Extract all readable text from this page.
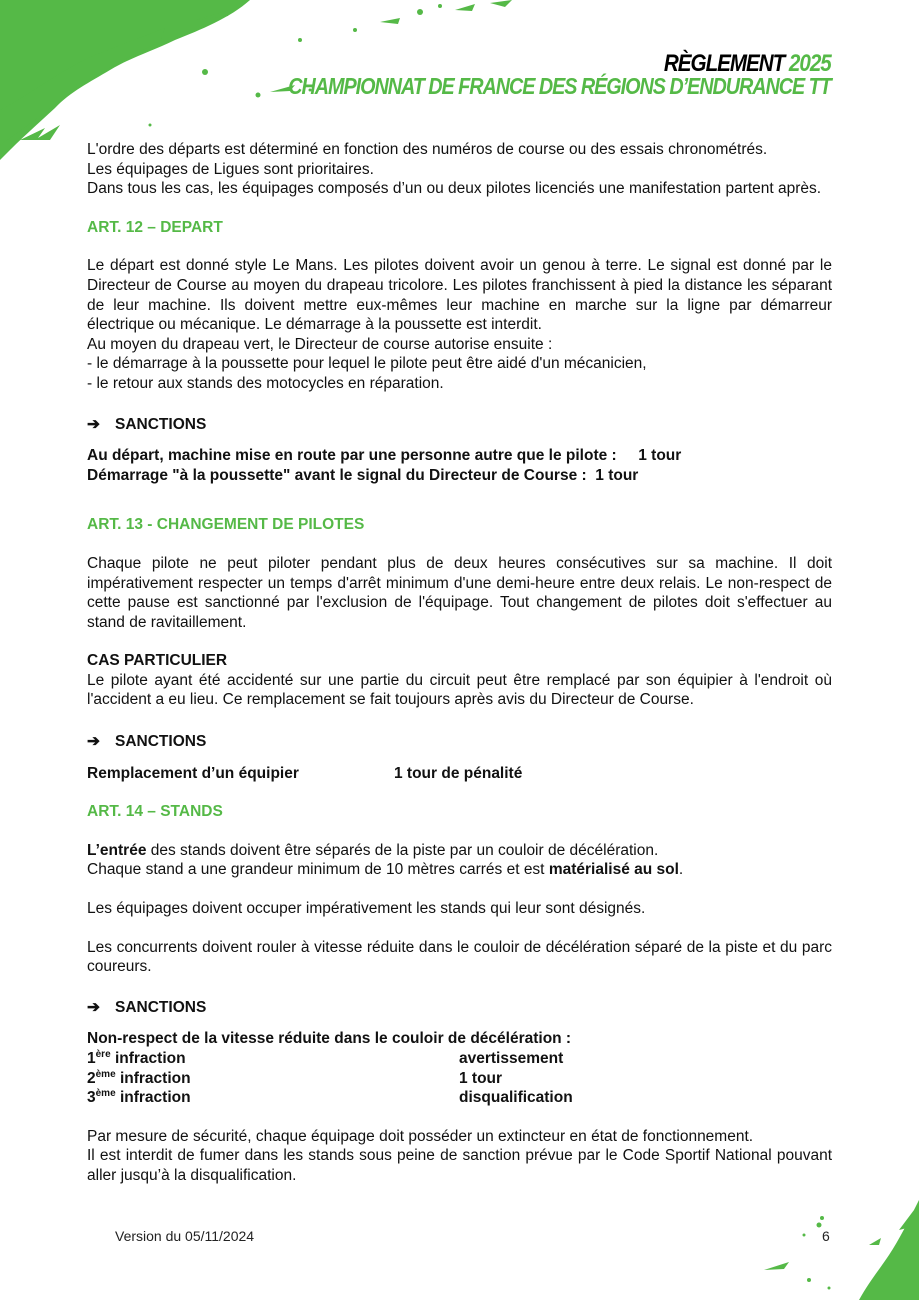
RÈGLEMENT 2025
CHAMPIONNAT DE FRANCE DES RÉGIONS D’ENDURANCE TT

L'ordre des départs est déterminé en fonction des numéros de course ou des essais chronométrés.

Les équipages de Ligues sont prioritaires.

Dans tous les cas, les équipages composés d’un ou deux pilotes licenciés une manifestation partent après.

ART. 12 – DEPART

Le départ est donné style Le Mans. Les pilotes doivent avoir un genou à terre. Le signal est donné par le Directeur de Course au moyen du drapeau tricolore. Les pilotes franchissent à pied la distance les séparant de leur machine. Ils doivent mettre eux-mêmes leur machine en marche sur la ligne par démarreur électrique ou mécanique. Le démarrage à la poussette est interdit.

Au moyen du drapeau vert, le Directeur de course autorise ensuite :

- le démarrage à la poussette pour lequel le pilote peut être aidé d'un mécanicien,

- le retour aux stands des motocycles en réparation.

➔ SANCTIONS

Au départ, machine mise en route par une personne autre que le pilote :     1 tour

Démarrage "à la poussette" avant le signal du Directeur de Course :  1 tour

ART. 13 - CHANGEMENT DE PILOTES

Chaque pilote ne peut piloter pendant plus de deux heures consécutives sur sa machine. Il doit impérativement respecter un temps d'arrêt minimum d'une demi-heure entre deux relais. Le non-respect de cette pause est sanctionné par l'exclusion de l'équipage. Tout changement de pilotes doit s'effectuer au stand de ravitaillement.

CAS PARTICULIER

Le pilote ayant été accidenté sur une partie du circuit peut être remplacé par son équipier à l'endroit où l'accident a eu lieu. Ce remplacement se fait toujours après avis du Directeur de Course.

➔ SANCTIONS

Remplacement d’un équipier	1 tour de pénalité

ART. 14 – STANDS

L’entrée des stands doivent être séparés de la piste par un couloir de décélération.

Chaque stand a une grandeur minimum de 10 mètres carrés et est matérialisé au sol.

Les équipages doivent occuper impérativement les stands qui leur sont désignés.

Les concurrents doivent rouler à vitesse réduite dans le couloir de décélération séparé de la piste et du parc coureurs.

➔ SANCTIONS

Non-respect de la vitesse réduite dans le couloir de décélération :

1ère infraction	avertissement
2ème infraction	1 tour
3ème infraction	disqualification

Par mesure de sécurité, chaque équipage doit posséder un extincteur en état de fonctionnement.

Il est interdit de fumer dans les stands sous peine de sanction prévue par le Code Sportif National pouvant aller jusqu’à la disqualification.

Version du 05/11/2024	6
